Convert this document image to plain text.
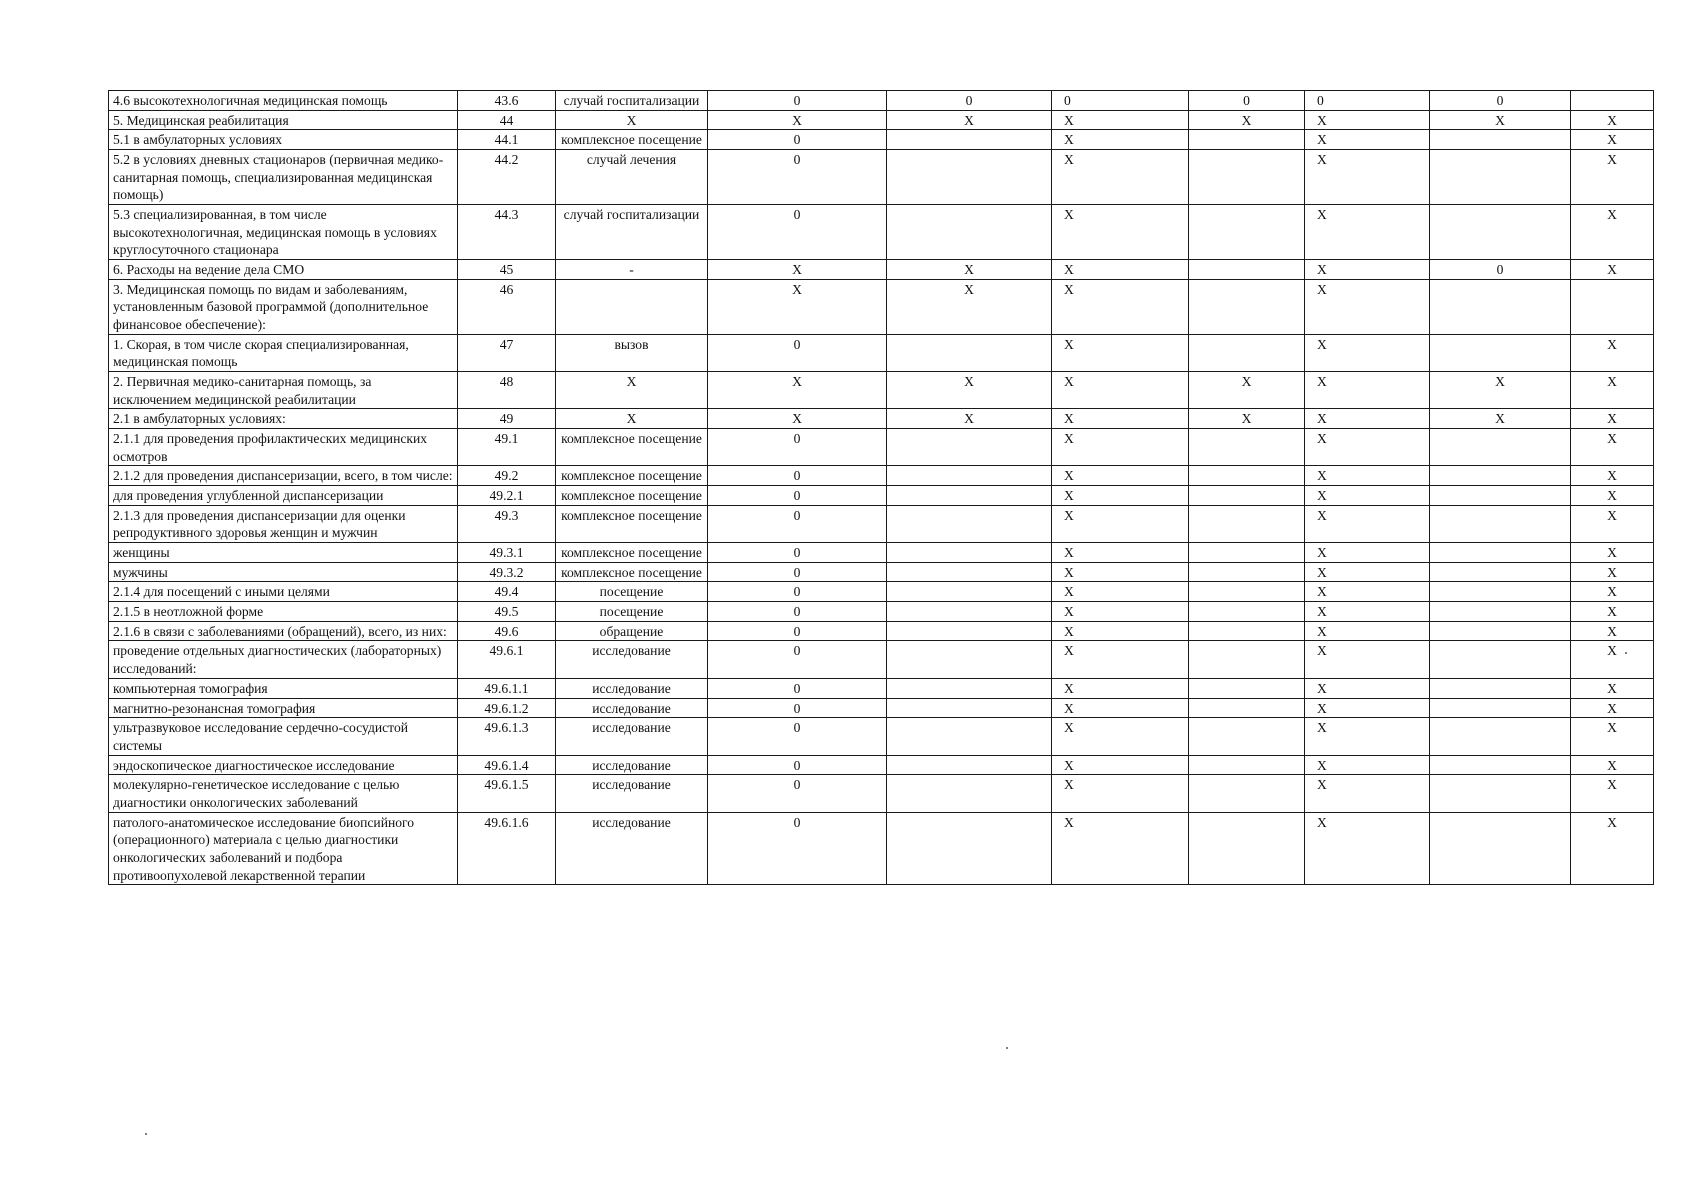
4.6 высокотехнологичная медицинская помощь	43.6	случай госпитализации	0	0	0	0	0	0	
5. Медицинская реабилитация	44	Х	Х	Х	Х	Х	Х	Х	Х
5.1 в амбулаторных условиях	44.1	комплексное посещение	0		Х		Х		Х
5.2 в условиях дневных стационаров (первичная медико-санитарная помощь, специализированная медицинская помощь)	44.2	случай лечения	0		Х		Х		Х
5.3 специализированная, в том числе высокотехнологичная, медицинская помощь в условиях круглосуточного стационара	44.3	случай госпитализации	0		Х		Х		Х
6. Расходы на ведение дела СМО	45	-	Х	Х	Х		Х	0	Х
3. Медицинская помощь по видам и заболеваниям, установленным базовой программой (дополнительное финансовое обеспечение):	46		Х	Х	Х		Х		
1. Скорая, в том числе скорая специализированная, медицинская помощь	47	вызов	0		Х		Х		Х
2. Первичная медико-санитарная помощь, за исключением медицинской реабилитации	48	Х	Х	Х	Х	Х	Х	Х	Х
2.1 в амбулаторных условиях:	49	Х	Х	Х	Х	Х	Х	Х	Х
2.1.1 для проведения профилактических медицинских осмотров	49.1	комплексное посещение	0		Х		Х		Х
2.1.2 для проведения диспансеризации, всего, в том числе:	49.2	комплексное посещение	0		Х		Х		Х
для проведения углубленной диспансеризации	49.2.1	комплексное посещение	0		Х		Х		Х
2.1.3 для проведения диспансеризации для оценки репродуктивного здоровья женщин и мужчин	49.3	комплексное посещение	0		Х		Х		Х
женщины	49.3.1	комплексное посещение	0		Х		Х		Х
мужчины	49.3.2	комплексное посещение	0		Х		Х		Х
2.1.4 для посещений с иными целями	49.4	посещение	0		Х		Х		Х
2.1.5 в неотложной форме	49.5	посещение	0		Х		Х		Х
2.1.6 в связи с заболеваниями (обращений), всего, из них:	49.6	обращение	0		Х		Х		Х
проведение отдельных диагностических (лабораторных) исследований:	49.6.1	исследование	0		Х		Х		Х
компьютерная томография	49.6.1.1	исследование	0		Х		Х		Х
магнитно-резонансная томография	49.6.1.2	исследование	0		Х		Х		Х
ультразвуковое исследование сердечно-сосудистой системы	49.6.1.3	исследование	0		Х		Х		Х
эндоскопическое диагностическое исследование	49.6.1.4	исследование	0		Х		Х		Х
молекулярно-генетическое исследование с целью диагностики онкологических заболеваний	49.6.1.5	исследование	0		Х		Х		Х
патолого-анатомическое исследование биопсийного (операционного) материала с целью диагностики онкологических заболеваний и подбора противоопухолевой лекарственной терапии	49.6.1.6	исследование	0		Х		Х		Х
